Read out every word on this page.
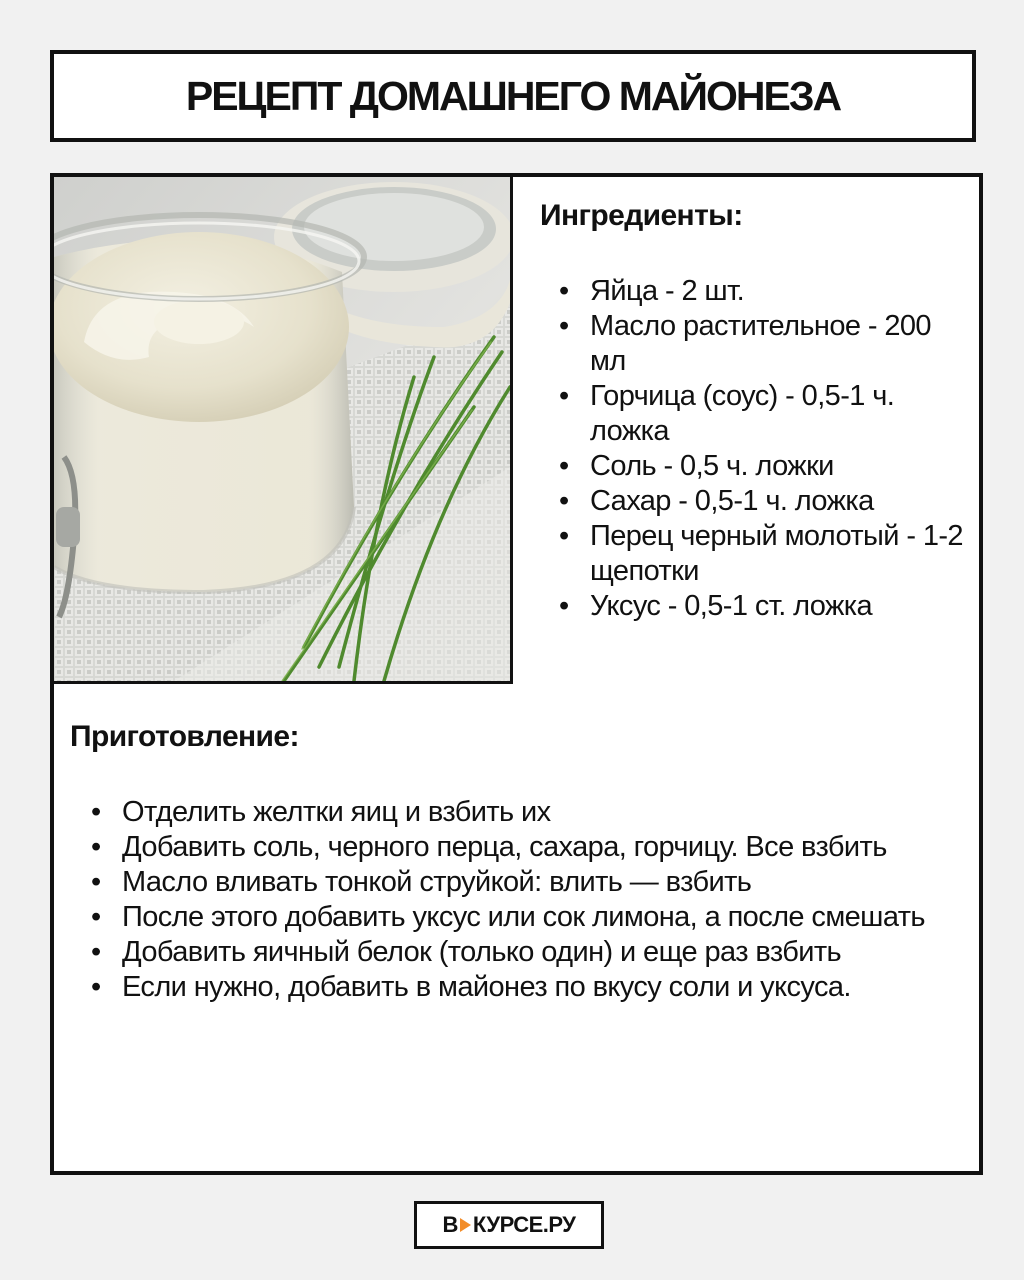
РЕЦЕПТ ДОМАШНЕГО МАЙОНЕЗА
Ингредиенты:
• Яйца - 2 шт.
• Масло растительное - 200 мл
• Горчица (соус) - 0,5-1 ч. ложка
• Соль - 0,5 ч. ложки
• Сахар - 0,5-1 ч. ложка
• Перец черный молотый - 1-2 щепотки
• Уксус - 0,5-1 ст. ложка
Приготовление:
• Отделить желтки яиц и взбить их
• Добавить соль, черного перца, сахара, горчицу. Все взбить
• Масло вливать тонкой струйкой: влить — взбить
• После этого добавить уксус или сок лимона, а после смешать
• Добавить яичный белок (только один) и еще раз взбить
• Если нужно, добавить в майонез по вкусу соли и уксуса.
В КУРСЕ.РУ
